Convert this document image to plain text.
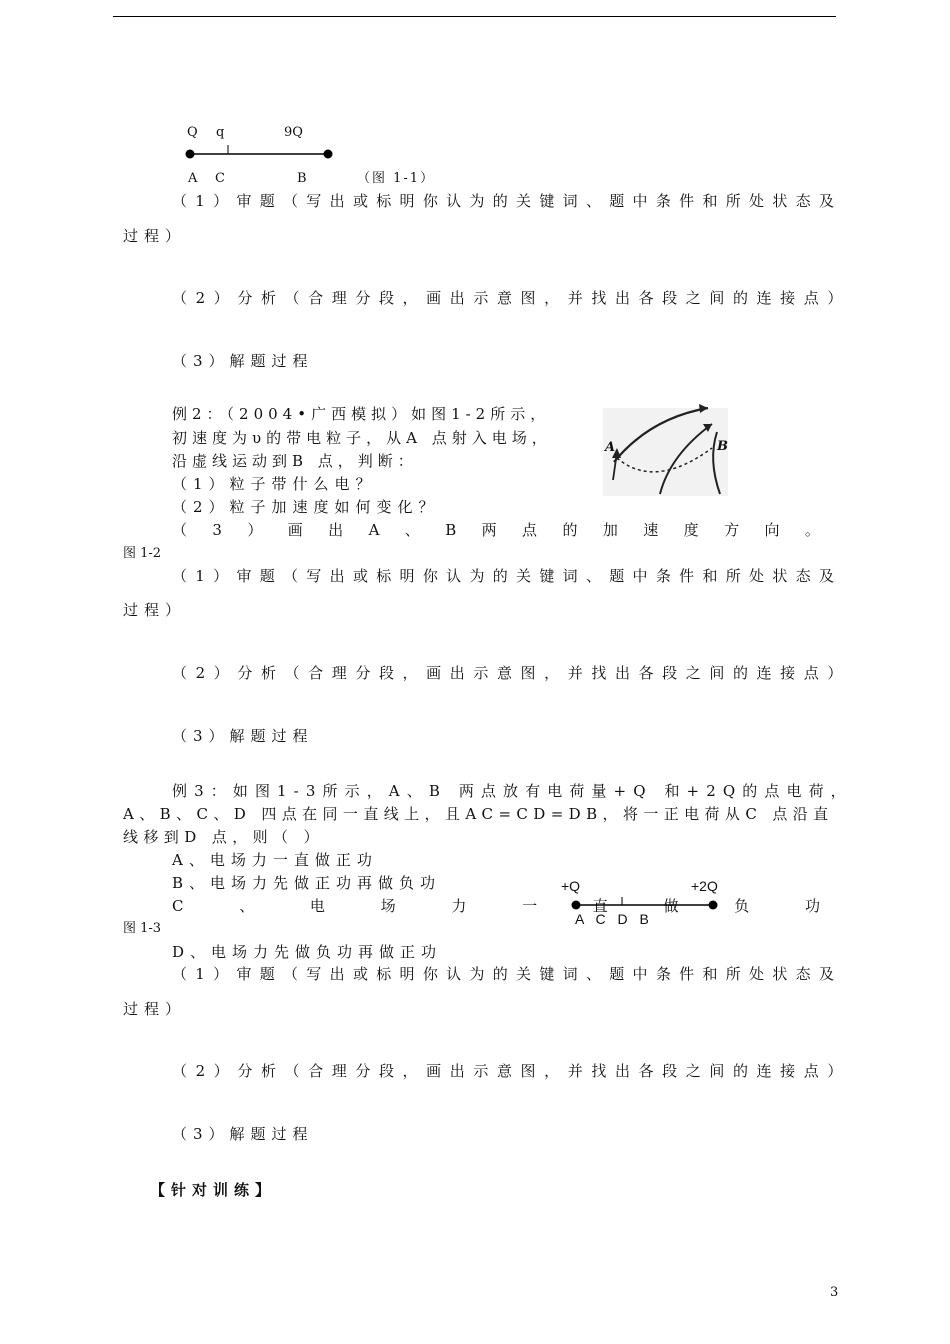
Q q	9Q
A C	B	（图 1-1）
（1）审题（写出或标明你认为的关键词、题中条件和所处状态及
过程）
（2）分析（合理分段，画出示意图，并找出各段之间的连接点）
（3）解题过程
例2：（2004•广西模拟）如图1-2所示，
初速度为υ的带电粒子，从A 点射入电场，
沿虚线运动到B 点，判断：
（1）粒子带什么电？
（2）粒子加速度如何变化？
（ 3 ） 画 出 A 、 B 两 点 的 加 速 度 方 向 。
图 1-2
A	B
（1）审题（写出或标明你认为的关键词、题中条件和所处状态及
过程）
（2）分析（合理分段，画出示意图，并找出各段之间的连接点）
（3）解题过程
例3：如图1-3所示，A、B 两点放有电荷量+Q 和+2Q的点电荷，
A、B、C、D 四点在同一直线上，且AC=CD=DB，将一正电荷从C 点沿直
线移到D 点，则（ ）
A、电场力一直做正功
B、电场力先做正功再做负功
C	、	电	场	力	一	直	做	负	功
图 1-3
+Q	+2Q
A C D B
D、电场力先做负功再做正功
（1）审题（写出或标明你认为的关键词、题中条件和所处状态及
过程）
（2）分析（合理分段，画出示意图，并找出各段之间的连接点）
（3）解题过程
【针对训练】
3
